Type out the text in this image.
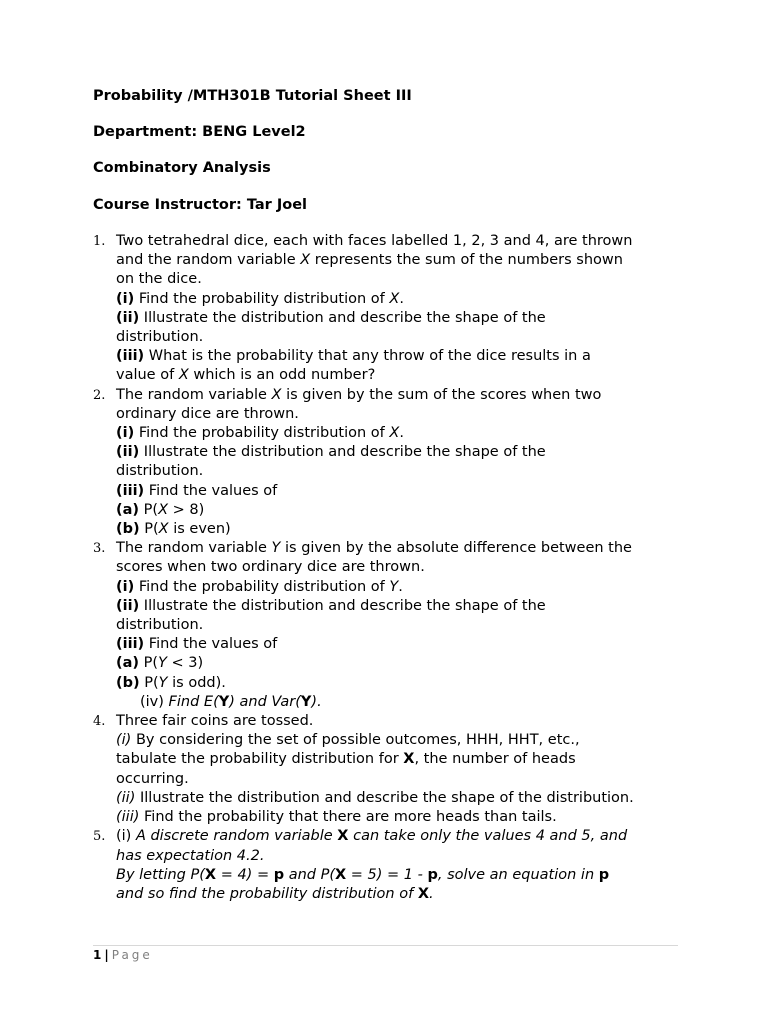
Probability /MTH301B Tutorial Sheet III
Department: BENG Level2
Combinatory Analysis
Course Instructor: Tar Joel
1. Two tetrahedral dice, each with faces labelled 1, 2, 3 and 4, are thrown
and the random variable X represents the sum of the numbers shown
on the dice.
(i) Find the probability distribution of X.
(ii) Illustrate the distribution and describe the shape of the
distribution.
(iii) What is the probability that any throw of the dice results in a
value of X which is an odd number?
2. The random variable X is given by the sum of the scores when two
ordinary dice are thrown.
(i) Find the probability distribution of X.
(ii) Illustrate the distribution and describe the shape of the
distribution.
(iii) Find the values of
(a) P(X > 8)
(b) P(X is even)
3. The random variable Y is given by the absolute difference between the
scores when two ordinary dice are thrown.
(i) Find the probability distribution of Y.
(ii) Illustrate the distribution and describe the shape of the
distribution.
(iii) Find the values of
(a) P(Y < 3)
(b) P(Y is odd).
(iv) Find E(Y) and Var(Y).
4. Three fair coins are tossed.
(i) By considering the set of possible outcomes, HHH, HHT, etc.,
tabulate the probability distribution for X, the number of heads
occurring.
(ii) Illustrate the distribution and describe the shape of the distribution.
(iii) Find the probability that there are more heads than tails.
5. (i) A discrete random variable X can take only the values 4 and 5, and
has expectation 4.2.
By letting P(X = 4) = p and P(X = 5) = 1 - p, solve an equation in p
and so find the probability distribution of X.
1 | Page
